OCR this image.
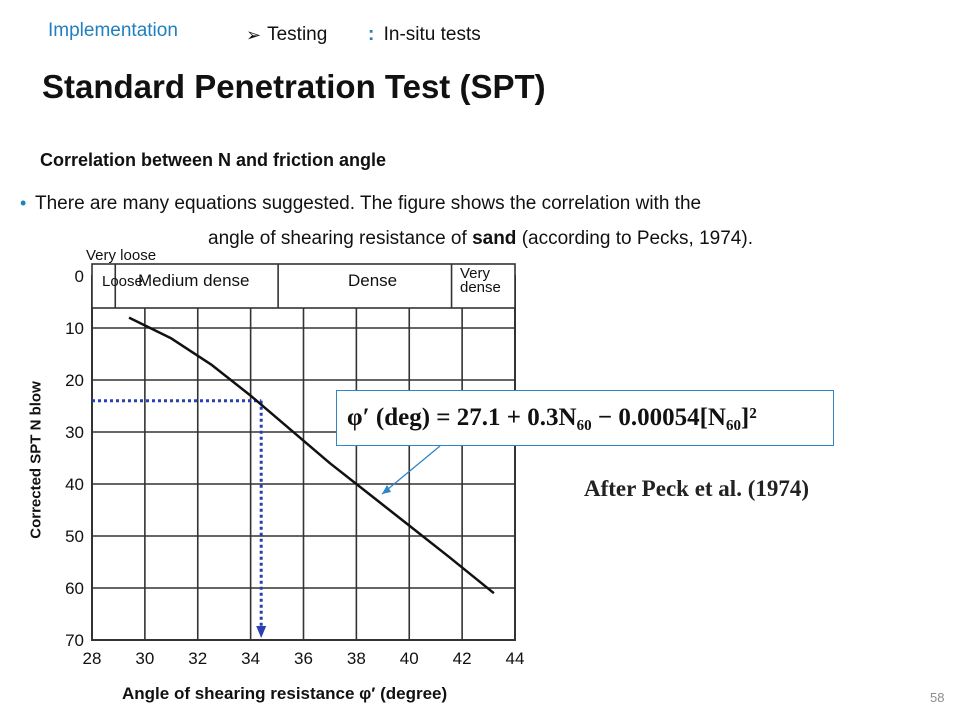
Implementation	➢ Testing : In-situ tests
Standard Penetration Test (SPT)
Correlation between N and friction angle
• There are many equations suggested. The figure shows the correlation with the
angle of shearing resistance of sand (according to Pecks, 1974).
Very loose
Loose
Medium dense	Dense	Very
dense
28 30 32 34 36 38 40 42 44
0
10
20
30
40
50
60
70
Corrected SPT N blow
Angle of shearing resistance φ′ (degree)
φ′ (deg) = 27.1 + 0.3N₆₀ − 0.00054[N₆₀]²
After Peck et al. (1974)
58
